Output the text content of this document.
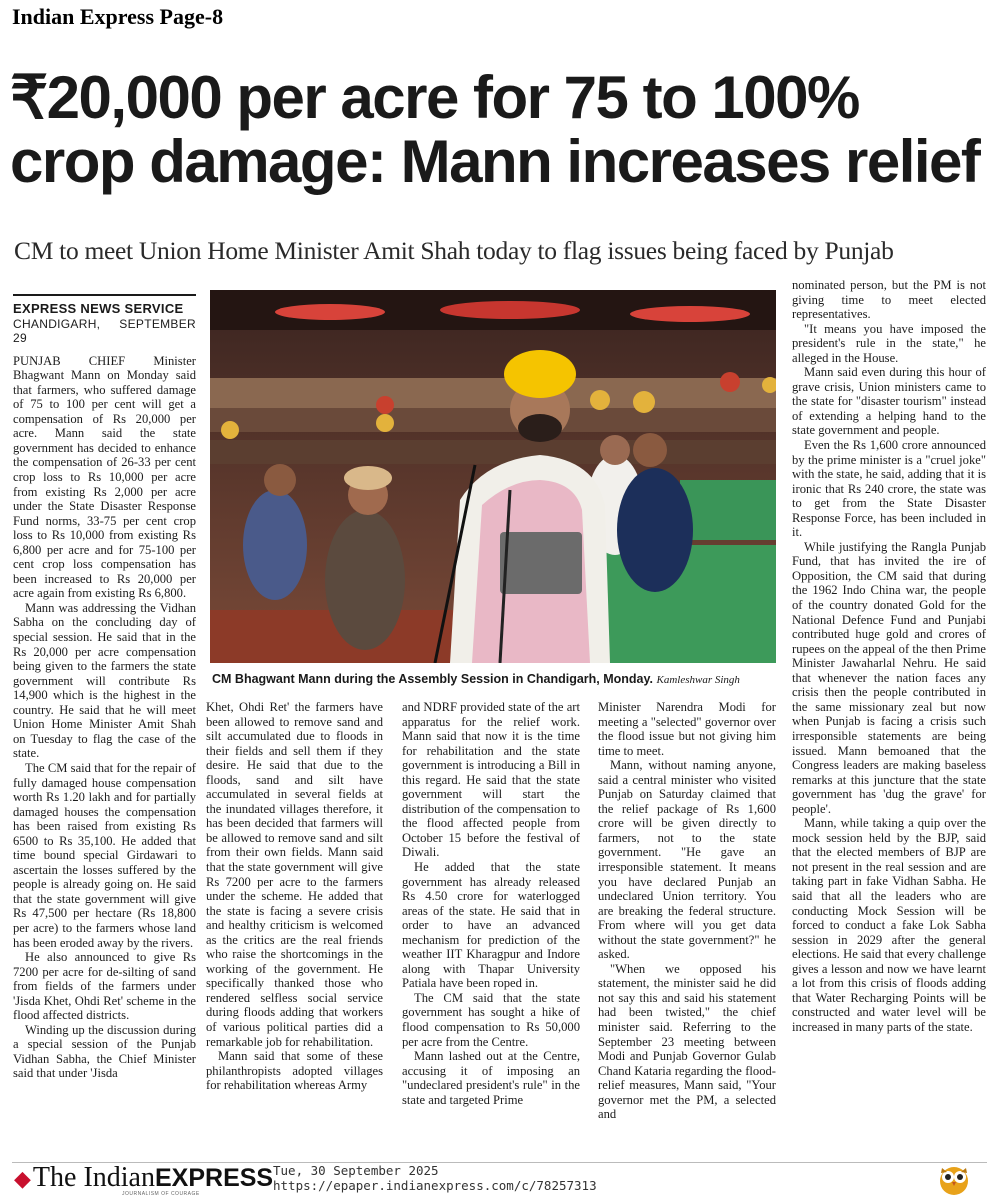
Indian Express Page-8
₹20,000 per acre for 75 to 100%
crop damage: Mann increases relief
CM to meet Union Home Minister Amit Shah today to flag issues being faced by Punjab
EXPRESS NEWS SERVICE
CHANDIGARH, SEPTEMBER 29

PUNJAB CHIEF Minister Bhagwant Mann on Monday said that farmers, who suffered damage of 75 to 100 per cent will get a compensation of Rs 20,000 per acre. Mann said the state government has decided to enhance the compensation of 26-33 per cent crop loss to Rs 10,000 per acre from existing Rs 2,000 per acre under the State Disaster Response Fund norms, 33-75 per cent crop loss to Rs 10,000 from existing Rs 6,800 per acre and for 75-100 per cent crop loss compensation has been increased to Rs 20,000 per acre again from existing Rs 6,800.

Mann was addressing the Vidhan Sabha on the concluding day of special session. He said that in the Rs 20,000 per acre compensation being given to the farmers the state government will contribute Rs 14,900 which is the highest in the country. He said that he will meet Union Home Minister Amit Shah on Tuesday to flag the case of the state.

The CM said that for the repair of fully damaged house compensation worth Rs 1.20 lakh and for partially damaged houses the compensation has been raised from existing Rs 6500 to Rs 35,100. He added that time bound special Girdawari to ascertain the losses suffered by the people is already going on. He said that the state government will give Rs 47,500 per hectare (Rs 18,800 per acre) to the farmers whose land has been eroded away by the rivers.

He also announced to give Rs 7200 per acre for de-silting of sand from fields of the farmers under 'Jisda Khet, Ohdi Ret' scheme in the flood affected districts.

Winding up the discussion during a special session of the Punjab Vidhan Sabha, the Chief Minister said that under 'Jisda

CM Bhagwant Mann during the Assembly Session in Chandigarh, Monday. Kamleshwar Singh

Khet, Ohdi Ret' the farmers have been allowed to remove sand and silt accumulated due to floods in their fields and sell them if they desire. He said that due to the floods, sand and silt have accumulated in several fields at the inundated villages therefore, it has been decided that farmers will be allowed to remove sand and silt from their own fields. Mann said that the state government will give Rs 7200 per acre to the farmers under the scheme. He added that the state is facing a severe crisis and healthy criticism is welcomed as the critics are the real friends who raise the shortcomings in the working of the government. He specifically thanked those who rendered selfless social service during floods adding that workers of various political parties did a remarkable job for rehabilitation.

Mann said that some of these philanthropists adopted villages for rehabilitation whereas Army

and NDRF provided state of the art apparatus for the relief work. Mann said that now it is the time for rehabilitation and the state government is introducing a Bill in this regard. He said that the state government will start the distribution of the compensation to the flood affected people from October 15 before the festival of Diwali.

He added that the state government has already released Rs 4.50 crore for waterlogged areas of the state. He said that in order to have an advanced mechanism for prediction of the weather IIT Kharagpur and Indore along with Thapar University Patiala have been roped in.

The CM said that the state government has sought a hike of flood compensation to Rs 50,000 per acre from the Centre.

Mann lashed out at the Centre, accusing it of imposing an "undeclared president's rule" in the state and targeted Prime

Minister Narendra Modi for meeting a "selected" governor over the flood issue but not giving him time to meet.

Mann, without naming anyone, said a central minister who visited Punjab on Saturday claimed that the relief package of Rs 1,600 crore will be given directly to farmers, not to the state government. "He gave an irresponsible statement. It means you have declared Punjab an undeclared Union territory. You are breaking the federal structure. From where will you get data without the state government?" he asked.

"When we opposed his statement, the minister said he did not say this and said his statement had been twisted," the chief minister said. Referring to the September 23 meeting between Modi and Punjab Governor Gulab Chand Kataria regarding the flood-relief measures, Mann said, "Your governor met the PM, a selected and

nominated person, but the PM is not giving time to meet elected representatives.

"It means you have imposed the president's rule in the state," he alleged in the House.

Mann said even during this hour of grave crisis, Union ministers came to the state for "disaster tourism" instead of extending a helping hand to the state government and people.

Even the Rs 1,600 crore announced by the prime minister is a "cruel joke" with the state, he said, adding that it is ironic that Rs 240 crore, the state was to get from the State Disaster Response Force, has been included in it.

While justifying the Rangla Punjab Fund, that has invited the ire of Opposition, the CM said that during the 1962 Indo China war, the people of the country donated Gold for the National Defence Fund and Punjabi contributed huge gold and crores of rupees on the appeal of the then Prime Minister Jawaharlal Nehru. He said that whenever the nation faces any crisis then the people contributed in the same missionary zeal but now when Punjab is facing a crisis such irresponsible statements are being issued. Mann bemoaned that the Congress leaders are making baseless remarks at this juncture that the state government has 'dug the grave' for people'.

Mann, while taking a quip over the mock session held by the BJP, said that the elected members of BJP are not present in the real session and are taking part in fake Vidhan Sabha. He said that all the leaders who are conducting Mock Session will be forced to conduct a fake Lok Sabha session in 2029 after the general elections. He said that every challenge gives a lesson and now we have learnt a lot from this crisis of floods adding that Water Recharging Points will be constructed and water level will be increased in many parts of the state.

◆The IndianEXPRESS
JOURNALISM OF COURAGE
Tue, 30 September 2025
https://epaper.indianexpress.com/c/78257313
